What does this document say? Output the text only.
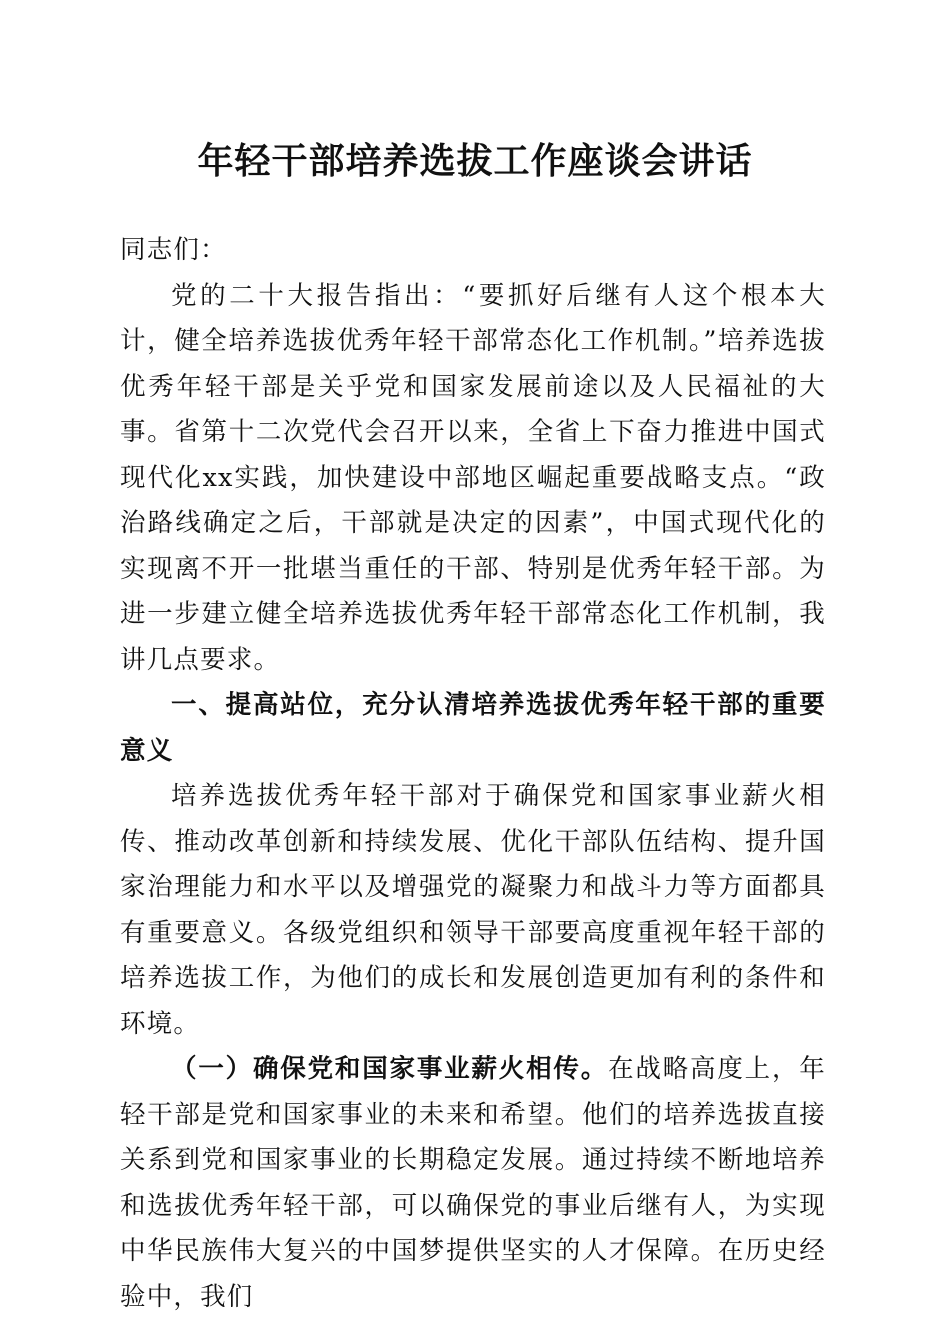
年轻干部培养选拔工作座谈会讲话

同志们：

党的二十大报告指出：“要抓好后继有人这个根本大计，健全培养选拔优秀年轻干部常态化工作机制。”培养选拔优秀年轻干部是关乎党和国家发展前途以及人民福祉的大事。省第十二次党代会召开以来，全省上下奋力推进中国式现代化xx实践，加快建设中部地区崛起重要战略支点。“政治路线确定之后，干部就是决定的因素”，中国式现代化的实现离不开一批堪当重任的干部、特别是优秀年轻干部。为进一步建立健全培养选拔优秀年轻干部常态化工作机制，我讲几点要求。

一、提高站位，充分认清培养选拔优秀年轻干部的重要意义

培养选拔优秀年轻干部对于确保党和国家事业薪火相传、推动改革创新和持续发展、优化干部队伍结构、提升国家治理能力和水平以及增强党的凝聚力和战斗力等方面都具有重要意义。各级党组织和领导干部要高度重视年轻干部的培养选拔工作，为他们的成长和发展创造更加有利的条件和环境。

（一）确保党和国家事业薪火相传。在战略高度上，年轻干部是党和国家事业的未来和希望。他们的培养选拔直接关系到党和国家事业的长期稳定发展。通过持续不断地培养和选拔优秀年轻干部，可以确保党的事业后继有人，为实现中华民族伟大复兴的中国梦提供坚实的人才保障。在历史经验中，我们
